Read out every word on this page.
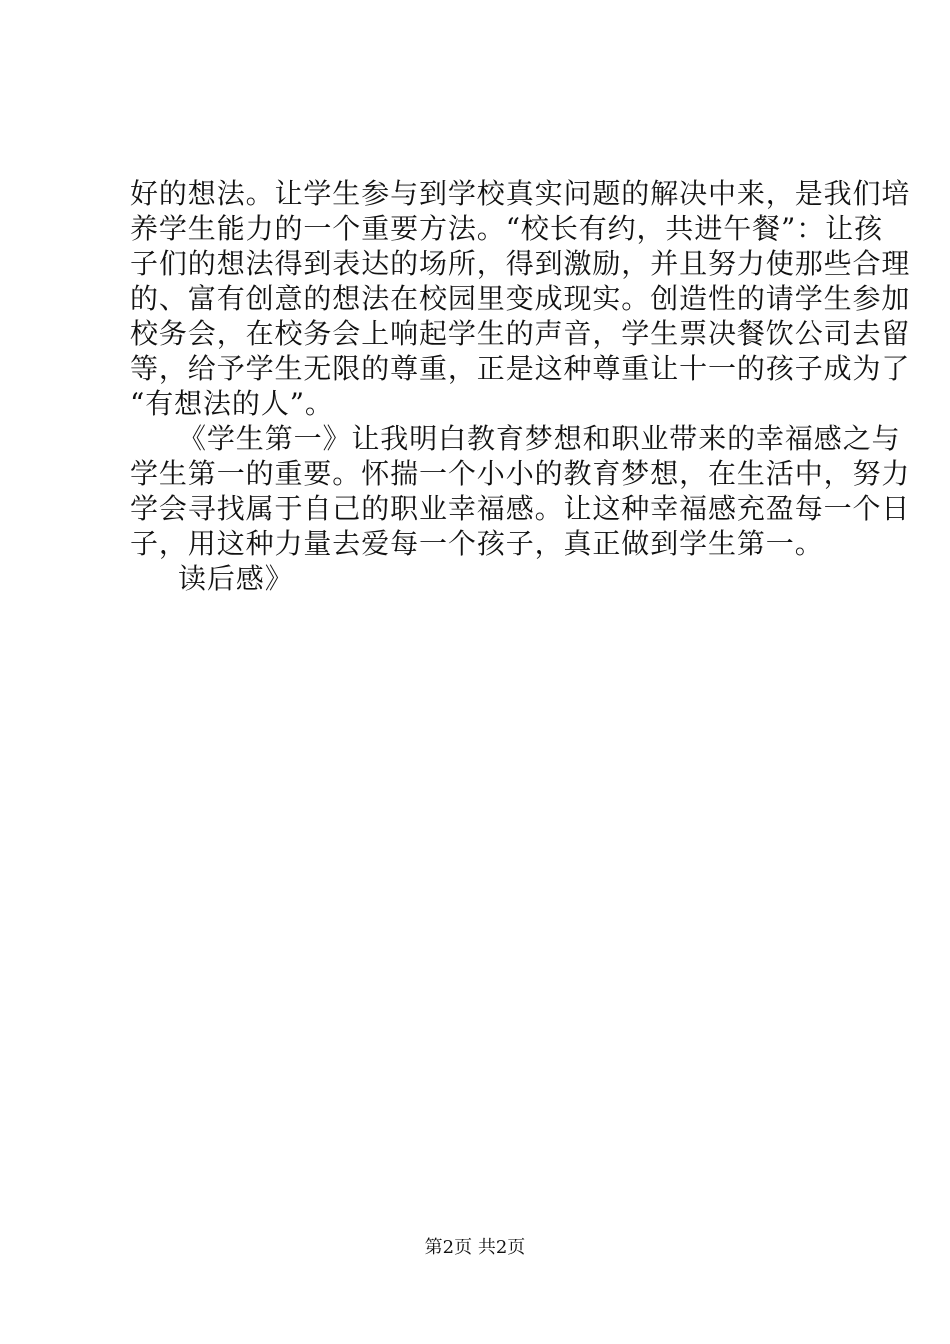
好的想法。让学生参与到学校真实问题的解决中来，是我们培
养学生能力的一个重要方法。“校长有约，共进午餐”：让孩
子们的想法得到表达的场所，得到激励，并且努力使那些合理
的、富有创意的想法在校园里变成现实。创造性的请学生参加
校务会，在校务会上响起学生的声音，学生票决餐饮公司去留
等，给予学生无限的尊重，正是这种尊重让十一的孩子成为了
“有想法的人”。
《学生第一》让我明白教育梦想和职业带来的幸福感之与
学生第一的重要。怀揣一个小小的教育梦想，在生活中，努力
学会寻找属于自己的职业幸福感。让这种幸福感充盈每一个日
子，用这种力量去爱每一个孩子，真正做到学生第一。
读后感》
第2页 共2页
